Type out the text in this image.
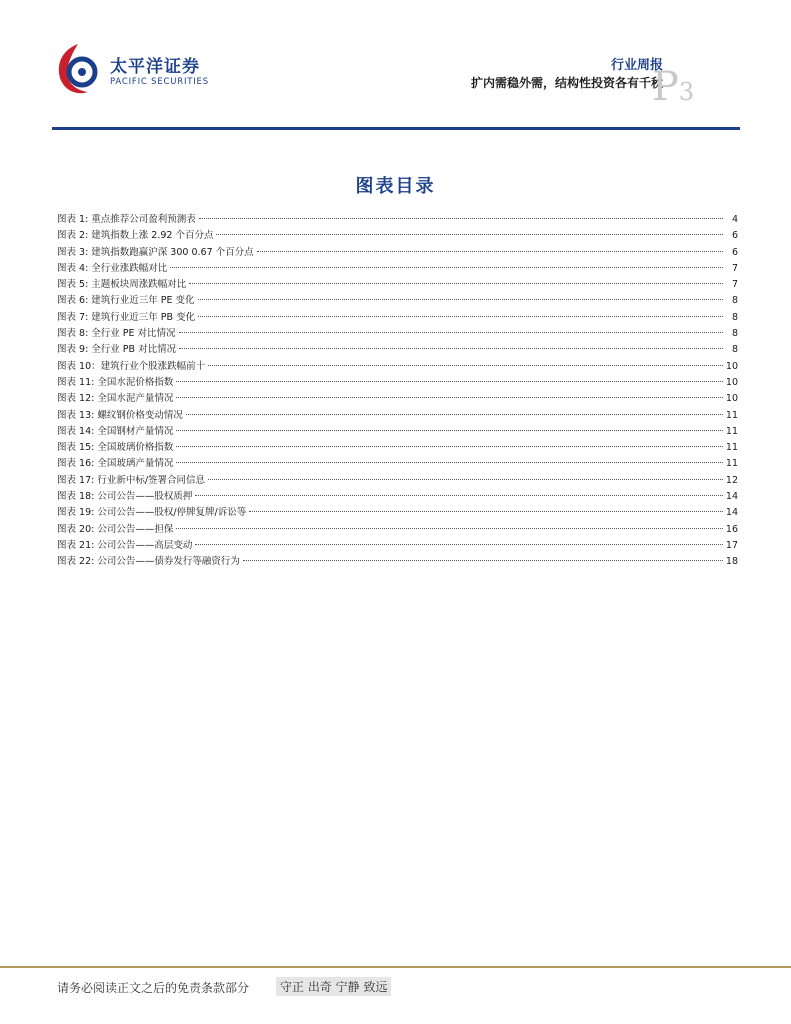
太平洋证券
PACIFIC SECURITIES
行业周报
扩内需稳外需，结构性投资各有千秋
P3
图表目录
图表 1: 重点推荐公司盈利预测表	4
图表 2: 建筑指数上涨 2.92 个百分点	6
图表 3: 建筑指数跑赢沪深 300 0.67 个百分点	6
图表 4: 全行业涨跌幅对比	7
图表 5: 主题板块周涨跌幅对比	7
图表 6: 建筑行业近三年 PE 变化	8
图表 7: 建筑行业近三年 PB 变化	8
图表 8: 全行业 PE 对比情况	8
图表 9: 全行业 PB 对比情况	8
图表 10：建筑行业个股涨跌幅前十	10
图表 11: 全国水泥价格指数	10
图表 12: 全国水泥产量情况	10
图表 13: 螺纹钢价格变动情况	11
图表 14: 全国钢材产量情况	11
图表 15: 全国玻璃价格指数	11
图表 16: 全国玻璃产量情况	11
图表 17: 行业新中标/签署合同信息	12
图表 18: 公司公告——股权质押	14
图表 19: 公司公告——股权/停牌复牌/诉讼等	14
图表 20: 公司公告——担保	16
图表 21: 公司公告——高层变动	17
图表 22: 公司公告——债券发行等融资行为	18
请务必阅读正文之后的免责条款部分	守正 出奇 宁静 致远
